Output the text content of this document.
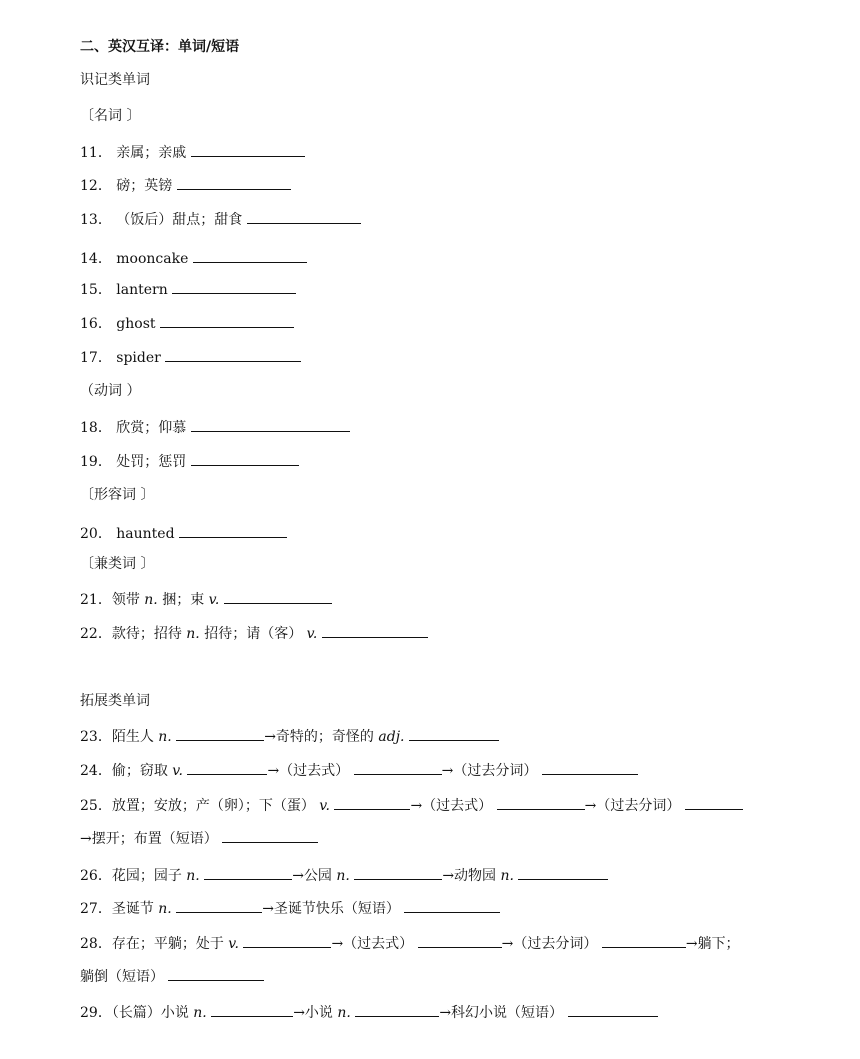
二、英汉互译：单词/短语
识记类单词
〔名词 〕
11． 亲属；亲戚
12． 磅；英镑
13． （饭后）甜点；甜食
14． mooncake
15． lantern
16． ghost
17． spider
（动词 ）
18． 欣赏；仰慕
19． 处罚；惩罚
〔形容词 〕
20． haunted
〔兼类词 〕
21．领带 n. 捆；束 v.
22．款待；招待 n. 招待；请（客） v.
拓展类单词
23．陌生人 n.	→奇特的；奇怪的 adj.
24．偷；窃取 v.	→（过去式）	→（过去分词）
25．放置；安放；产（卵）；下（蛋） v.	→（过去式）	→（过去分词）
→摆开；布置（短语）
26．花园；园子 n.	→公园 n.	→动物园 n.
27．圣诞节 n.	→圣诞节快乐（短语）
28．存在；平躺；处于 v.	→（过去式）	→（过去分词）	→躺下；
躺倒（短语）
29．（长篇）小说 n.	→小说 n.	→科幻小说（短语）
